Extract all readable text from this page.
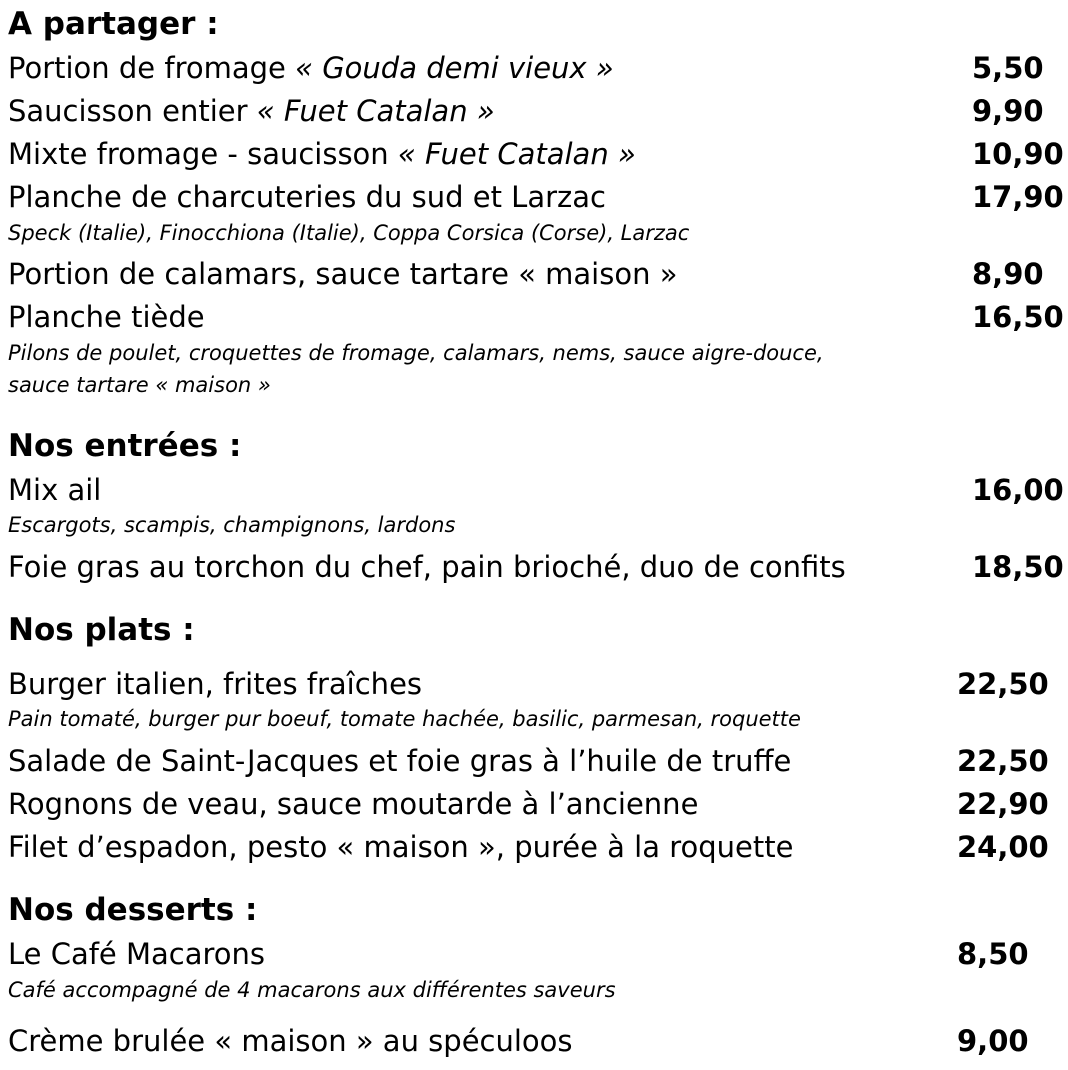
A partager :
Portion de fromage « Gouda demi vieux »	5,50
Saucisson entier « Fuet Catalan »	9,90
Mixte fromage - saucisson « Fuet Catalan »	10,90
Planche de charcuteries du sud et Larzac	17,90
Speck (Italie), Finocchiona (Italie), Coppa Corsica (Corse), Larzac
Portion de calamars, sauce tartare « maison »	8,90
Planche tiède	16,50
Pilons de poulet, croquettes de fromage, calamars, nems, sauce aigre-douce,
sauce tartare « maison »
Nos entrées :
Mix ail	16,00
Escargots, scampis, champignons, lardons
Foie gras au torchon du chef, pain brioché, duo de confits	18,50
Nos plats :
Burger italien, frites fraîches	22,50
Pain tomaté, burger pur boeuf, tomate hachée, basilic, parmesan, roquette
Salade de Saint-Jacques et foie gras à l’huile de truffe	22,50
Rognons de veau, sauce moutarde à l’ancienne	22,90
Filet d’espadon, pesto « maison », purée à la roquette	24,00
Nos desserts :
Le Café Macarons	8,50
Café accompagné de 4 macarons aux différentes saveurs
Crème brulée « maison » au spéculoos	9,00
